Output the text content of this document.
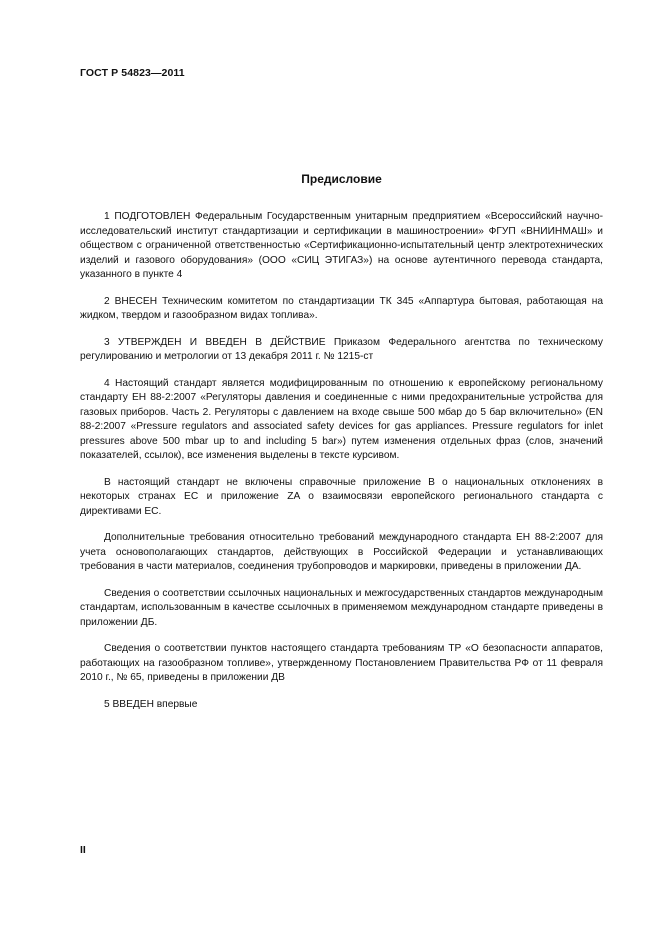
ГОСТ Р 54823—2011
Предисловие

1 ПОДГОТОВЛЕН Федеральным Государственным унитарным предприятием «Всероссийский научно-исследовательский институт стандартизации и сертификации в машиностроении» ФГУП «ВНИИНМАШ» и обществом с ограниченной ответственностью «Сертификационно-испытательный центр электротехнических изделий и газового оборудования» (ООО «СИЦ ЭТИГАЗ») на основе аутентичного перевода стандарта, указанного в пункте 4

2 ВНЕСЕН Техническим комитетом по стандартизации ТК 345 «Аппартура бытовая, работающая на жидком, твердом и газообразном видах топлива».

3 УТВЕРЖДЕН И ВВЕДЕН В ДЕЙСТВИЕ Приказом Федерального агентства по техническому регулированию и метрологии от 13 декабря 2011 г. № 1215-ст

4 Настоящий стандарт является модифицированным по отношению к европейскому региональному стандарту ЕН 88-2:2007 «Регуляторы давления и соединенные с ними предохранительные устройства для газовых приборов. Часть 2. Регуляторы с давлением на входе свыше 500 мбар до 5 бар включительно» (EN 88-2:2007 «Pressure regulators and associated safety devices for gas appliances. Pressure regulators for inlet pressures above 500 mbar up to and including 5 bar») путем изменения отдельных фраз (слов, значений показателей, ссылок), все изменения выделены в тексте курсивом.

В настоящий стандарт не включены справочные приложение В о национальных отклонениях в некоторых странах ЕС и приложение ZA о взаимосвязи европейского регионального стандарта с директивами ЕС.

Дополнительные требования относительно требований международного стандарта ЕН 88-2:2007 для учета основополагающих стандартов, действующих в Российской Федерации и устанавливающих требования в части материалов, соединения трубопроводов и маркировки, приведены в приложении ДА.

Сведения о соответствии ссылочных национальных и межгосударственных стандартов международным стандартам, использованным в качестве ссылочных в применяемом международном стандарте приведены в приложении ДБ.

Сведения о соответствии пунктов настоящего стандарта требованиям ТР «О безопасности аппаратов, работающих на газообразном топливе», утвержденному Постановлением Правительства РФ от 11 февраля 2010 г., № 65, приведены в приложении ДВ

5 ВВЕДЕН впервые

II
